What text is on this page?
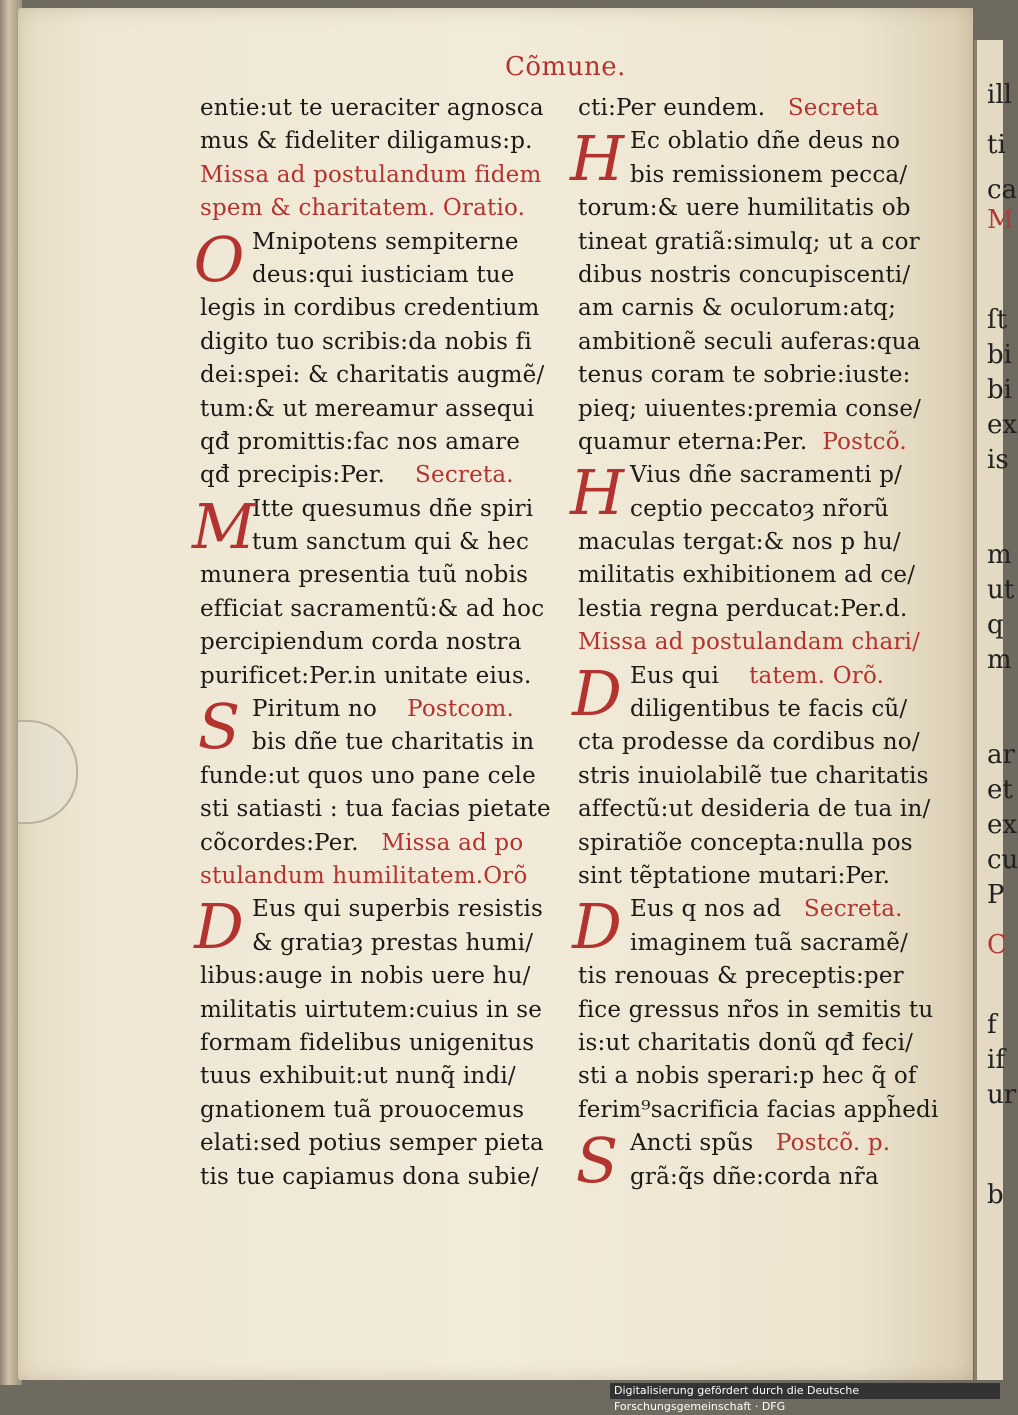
Cõmune.
entie:ut te ueraciter agnosca
mus & fideliter diligamus:p.
Missa ad postulandum fidem
spem & charitatem. Oratio.
O Mnipotens sempiterne
deus:qui iusticiam tue
legis in cordibus credentium
digito tuo scribis:da nobis fi
dei:spei: & charitatis augmẽ/
tum:& ut mereamur assequi
qđ promittis:fac nos amare
qđ precipis:Per. Secreta.
M
Itte quesumus dñe spiri
tum sanctum qui & hec
munera presentia tuũ nobis
efficiat sacramentũ:& ad hoc
percipiendum corda nostra
purificet:Per.in unitate eius.
S Piritum no Postcom.
bis dñe tue charitatis in
funde:ut quos uno pane cele
sti satiasti : tua facias pietate
cõcordes:Per. Missa ad po
stulandum humilitatem.Orõ
D Eus qui superbis resistis
& gratiaȝ prestas humi/
libus:auge in nobis uere hu/
militatis uirtutem:cuius in se
formam fidelibus unigenitus
tuus exhibuit:ut nunq̃ indi/
gnationem tuã prouocemus
elati:sed potius semper pieta
tis tue capiamus dona subie/
cti:Per eundem. Secreta
H Ec oblatio dñe deus no
bis remissionem pecca/
torum:& uere humilitatis ob
tineat gratiã:simulq; ut a cor
dibus nostris concupiscenti/
am carnis & oculorum:atq;
ambitionẽ seculi auferas:qua
tenus coram te sobrie:iuste:
pieq; uiuentes:premia conse/
quamur eterna:Per. Postcõ.
H Vius dñe sacramenti p/
ceptio peccatoȝ nr̃orũ
maculas tergat:& nos p hu/
militatis exhibitionem ad ce/
lestia regna perducat:Per.d.
Missa ad postulandam chari/
D Eus qui tatem. Orõ.
diligentibus te facis cũ/
cta prodesse da cordibus no/
stris inuiolabilẽ tue charitatis
affectũ:ut desideria de tua in/
spiratiõe concepta:nulla pos
sint tẽptatione mutari:Per.
D Eus q nos ad Secreta.
imaginem tuã sacramẽ/
tis renouas & preceptis:per
fice gressus nr̃os in semitis tu
is:ut charitatis donũ qđ feci/
sti a nobis sperari:p hec q̃ of
ferim⁹sacrificia facias apph̃edi
S Ancti spũs Postcõ. p.
grã:q̃s dñe:corda nr̃a
ill
ti
ca
M
ſt
bi
bi
ex
is
m
ut
q
m
ar
et
ex
cu
P
C
f
if
ur
b
Digitalisierung gefördert durch die Deutsche Forschungsgemeinschaft · DFG
